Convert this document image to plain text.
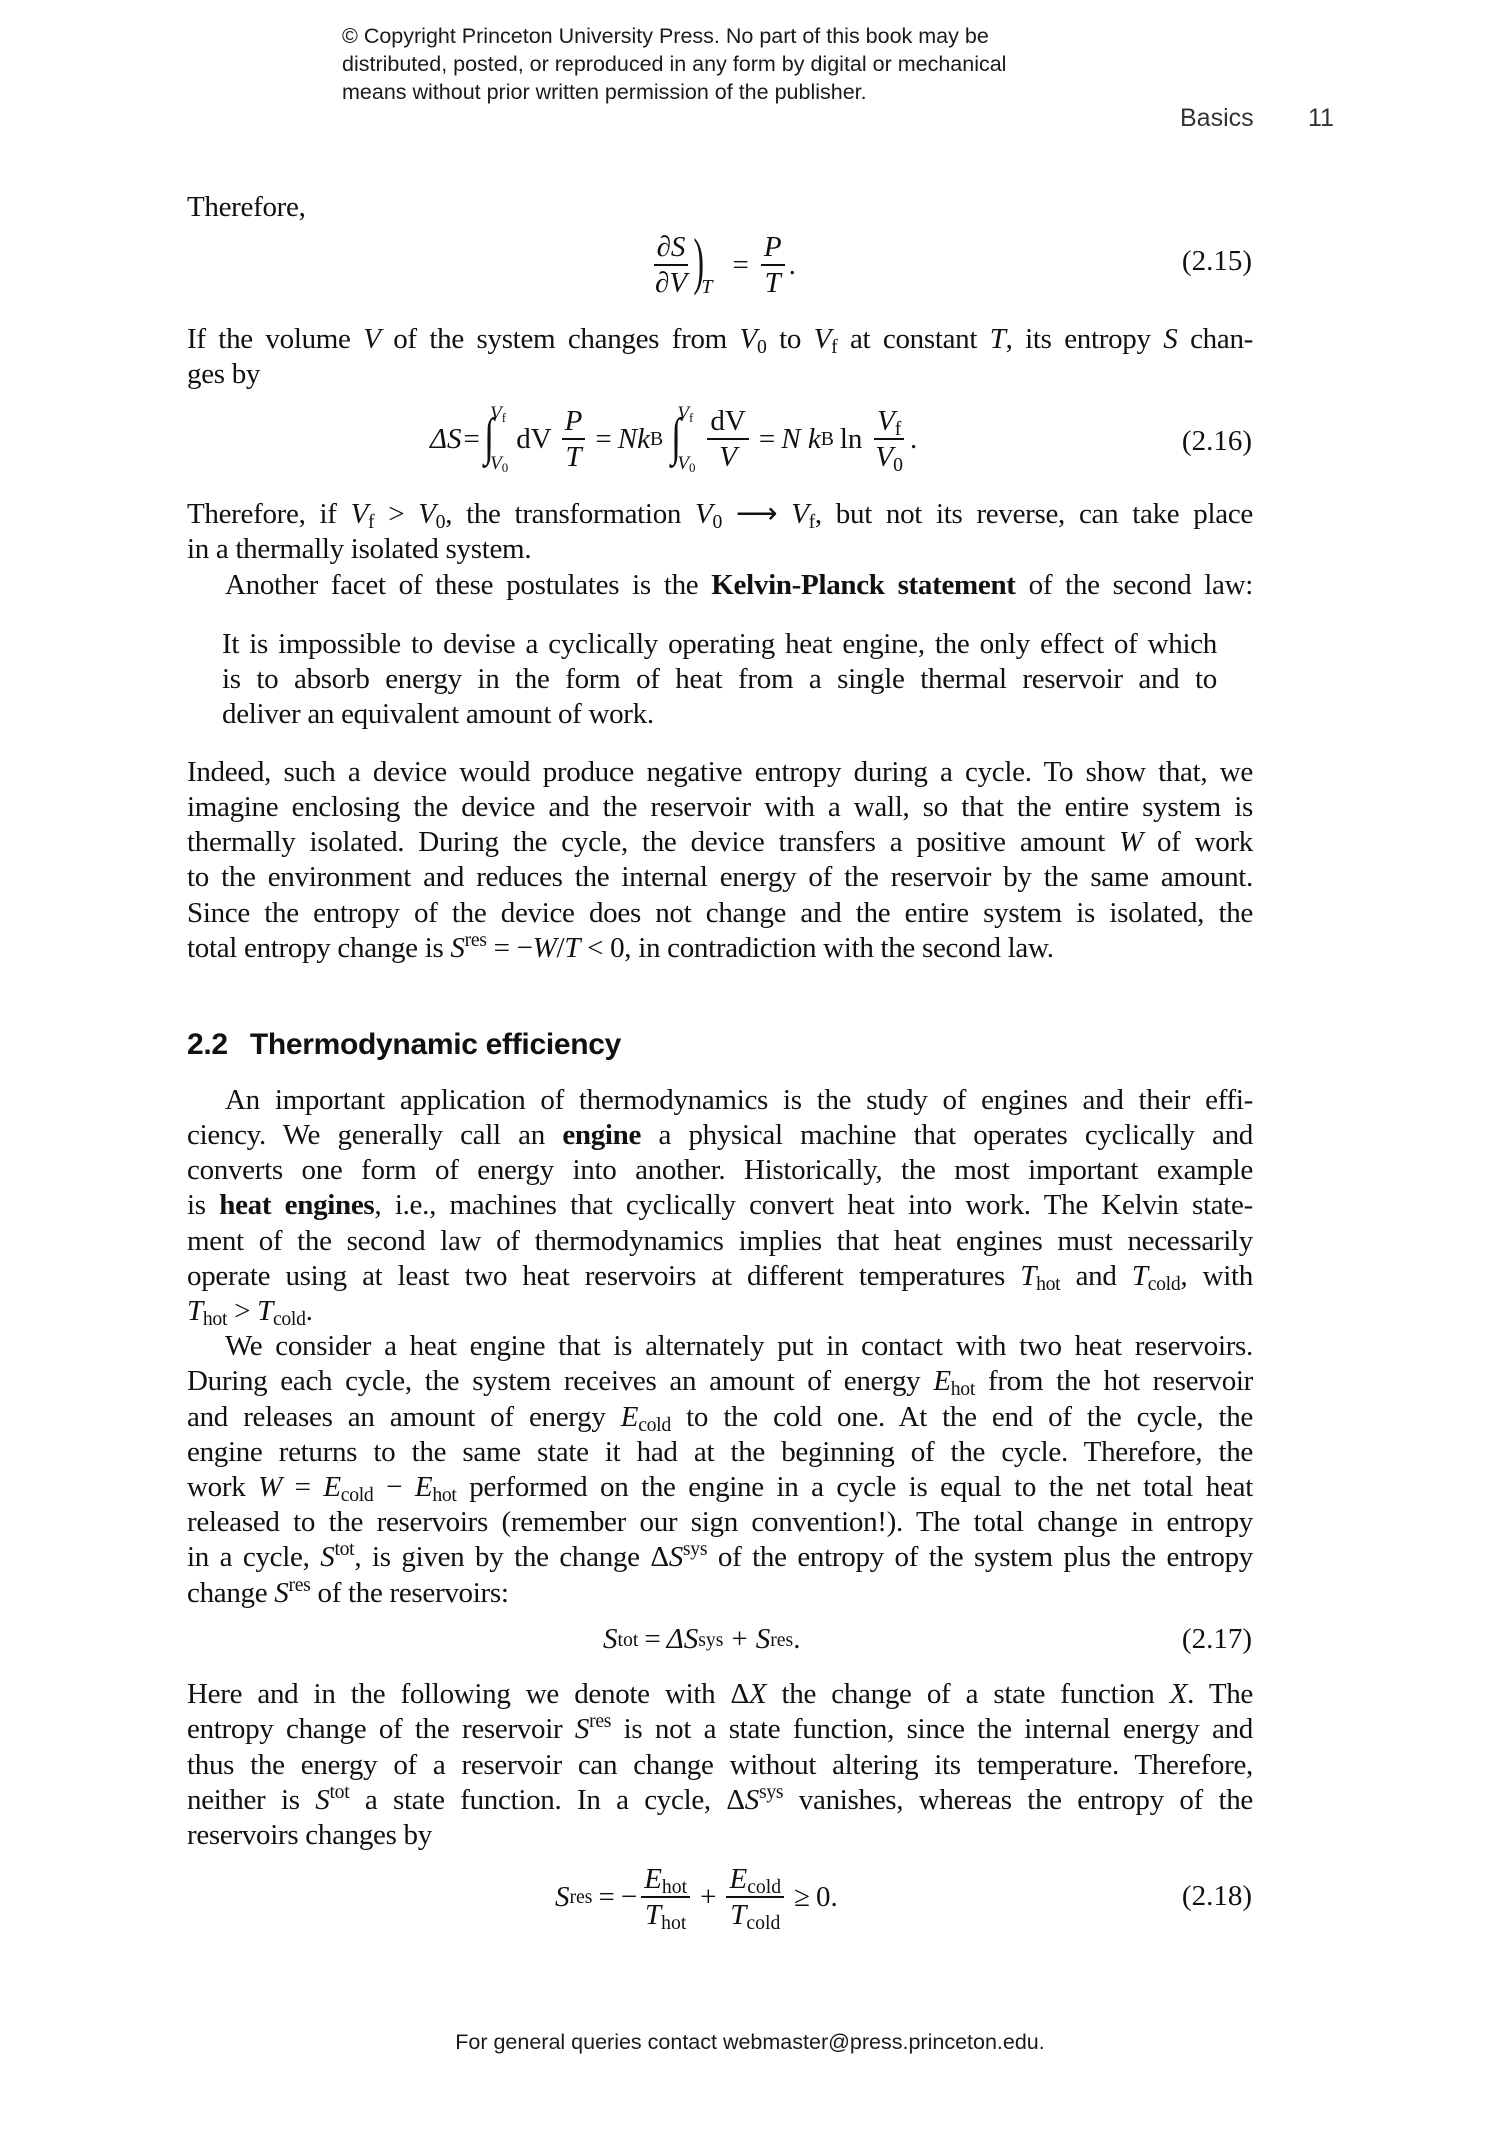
© Copyright Princeton University Press. No part of this book may be
distributed, posted, or reproduced in any form by digital or mechanical
means without prior written permission of the publisher.
Basics 11
Therefore,
If the volume V of the system changes from $V_0$ to $V_f$ at constant T, its entropy S chan-
ges by
Therefore, if $V_f > V_0$, the transformation $V_0$ ⟶ $V_f$, but not its reverse, can take place
in a thermally isolated system.
Another facet of these postulates is the Kelvin-Planck statement of the second law:
It is impossible to devise a cyclically operating heat engine, the only effect of which
is to absorb energy in the form of heat from a single thermal reservoir and to
deliver an equivalent amount of work.
Indeed, such a device would produce negative entropy during a cycle. To show that, we
imagine enclosing the device and the reservoir with a wall, so that the entire system is
thermally isolated. During the cycle, the device transfers a positive amount W of work
to the environment and reduces the internal energy of the reservoir by the same amount.
Since the entropy of the device does not change and the entire system is isolated, the
total entropy change is $S^{res} = -W/T < 0$, in contradiction with the second law.
An important application of thermodynamics is the study of engines and their effi-
ciency. We generally call an engine a physical machine that operates cyclically and
converts one form of energy into another. Historically, the most important example
is heat engines, i.e., machines that cyclically convert heat into work. The Kelvin state-
ment of the second law of thermodynamics implies that heat engines must necessarily
operate using at least two heat reservoirs at different temperatures $T_{hot}$ and $T_{cold}$, with
$T_{hot} > T_{cold}$.
We consider a heat engine that is alternately put in contact with two heat reservoirs.
During each cycle, the system receives an amount of energy $E_{hot}$ from the hot reservoir
and releases an amount of energy $E_{cold}$ to the cold one. At the end of the cycle, the
engine returns to the same state it had at the beginning of the cycle. Therefore, the
work $W = E_{cold} - E_{hot}$ performed on the engine in a cycle is equal to the net total heat
released to the reservoirs (remember our sign convention!). The total change in entropy
in a cycle, $S^{tot}$, is given by the change $\Delta S^{sys}$ of the entropy of the system plus the entropy
change $S^{res}$ of the reservoirs:
Here and in the following we denote with ΔX the change of a state function X. The
entropy change of the reservoir $S^{res}$ is not a state function, since the internal energy and
thus the energy of a reservoir can change without altering its temperature. Therefore,
neither is $S^{tot}$ a state function. In a cycle, $\Delta S^{sys}$ vanishes, whereas the entropy of the
reservoirs changes by
$\frac{\partial S}{\partial V}$ )
T
= $\frac{P}{T}$ .	(2.15)
ΔS = ∫
$V_f$
$V_0$
dV $\frac{P}{T} = Nk$ B ∫
$V_f$
$V_0 \frac{dV}{V} = N$ k B $\ln \frac{V_f}{V_0}$ .	(2.16)
S tot = ΔS sys + S res .	(2.17)
S res = − $\frac{E_{hot}}{T_{hot}} + \frac{E_{cold}}{T_{cold}} \ge 0$.	(2.18)
2.2 Thermodynamic efficiency
For general queries contact webmaster@press.princeton.edu.
